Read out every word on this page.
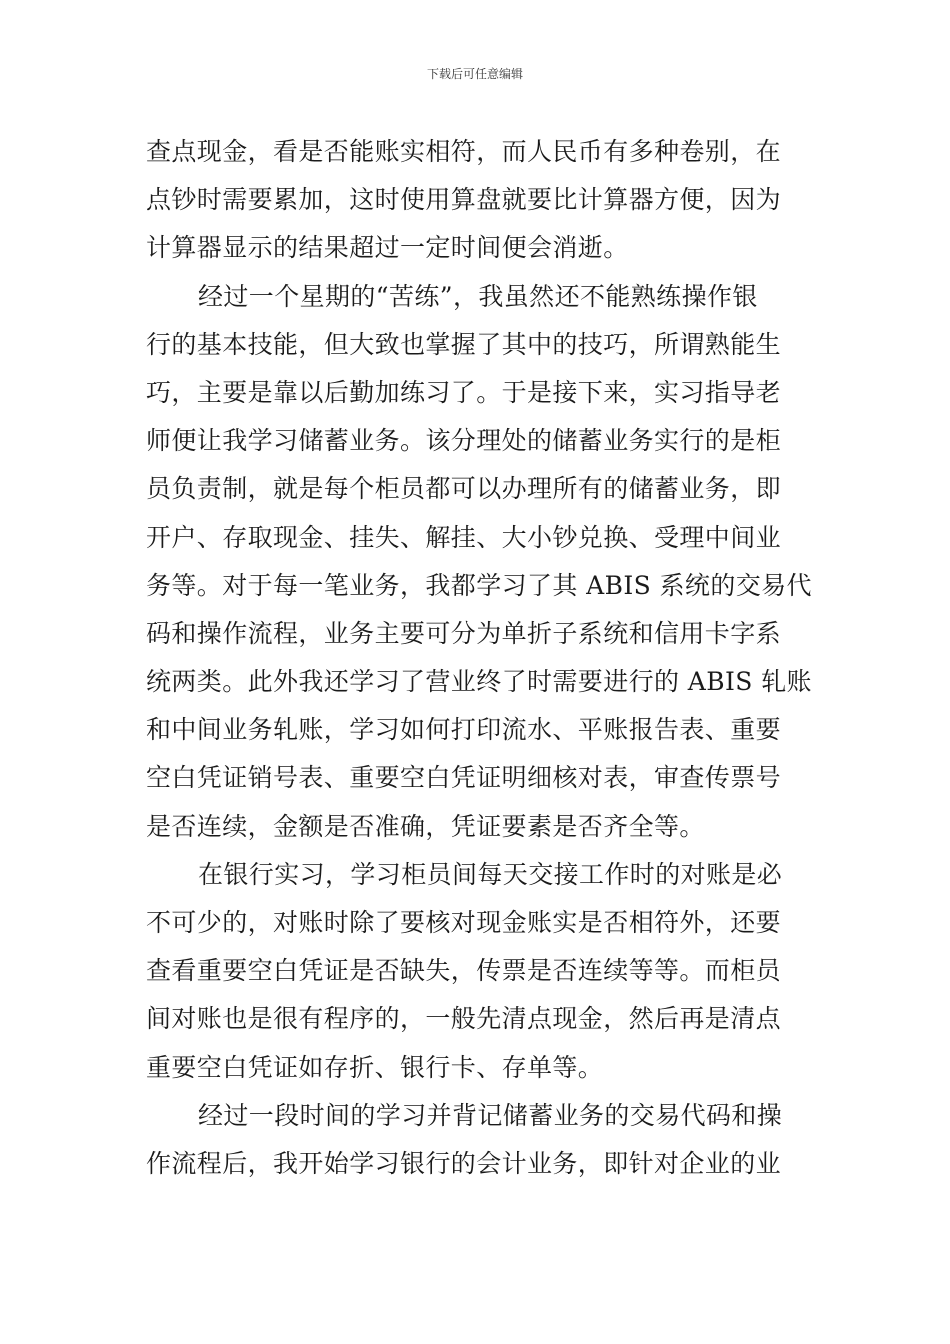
下载后可任意编辑
查点现金，看是否能账实相符，而人民币有多种卷别，在
点钞时需要累加，这时使用算盘就要比计算器方便，因为
计算器显示的结果超过一定时间便会消逝。
经过一个星期的“苦练”，我虽然还不能熟练操作银
行的基本技能，但大致也掌握了其中的技巧，所谓熟能生
巧，主要是靠以后勤加练习了。于是接下来，实习指导老
师便让我学习储蓄业务。该分理处的储蓄业务实行的是柜
员负责制，就是每个柜员都可以办理所有的储蓄业务，即
开户、存取现金、挂失、解挂、大小钞兑换、受理中间业
务等。对于每一笔业务，我都学习了其 ABIS 系统的交易代
码和操作流程，业务主要可分为单折子系统和信用卡字系
统两类。此外我还学习了营业终了时需要进行的 ABIS 轧账
和中间业务轧账，学习如何打印流水、平账报告表、重要
空白凭证销号表、重要空白凭证明细核对表，审查传票号
是否连续，金额是否准确，凭证要素是否齐全等。
在银行实习，学习柜员间每天交接工作时的对账是必
不可少的，对账时除了要核对现金账实是否相符外，还要
查看重要空白凭证是否缺失，传票是否连续等等。而柜员
间对账也是很有程序的，一般先清点现金，然后再是清点
重要空白凭证如存折、银行卡、存单等。
经过一段时间的学习并背记储蓄业务的交易代码和操
作流程后，我开始学习银行的会计业务，即针对企业的业
